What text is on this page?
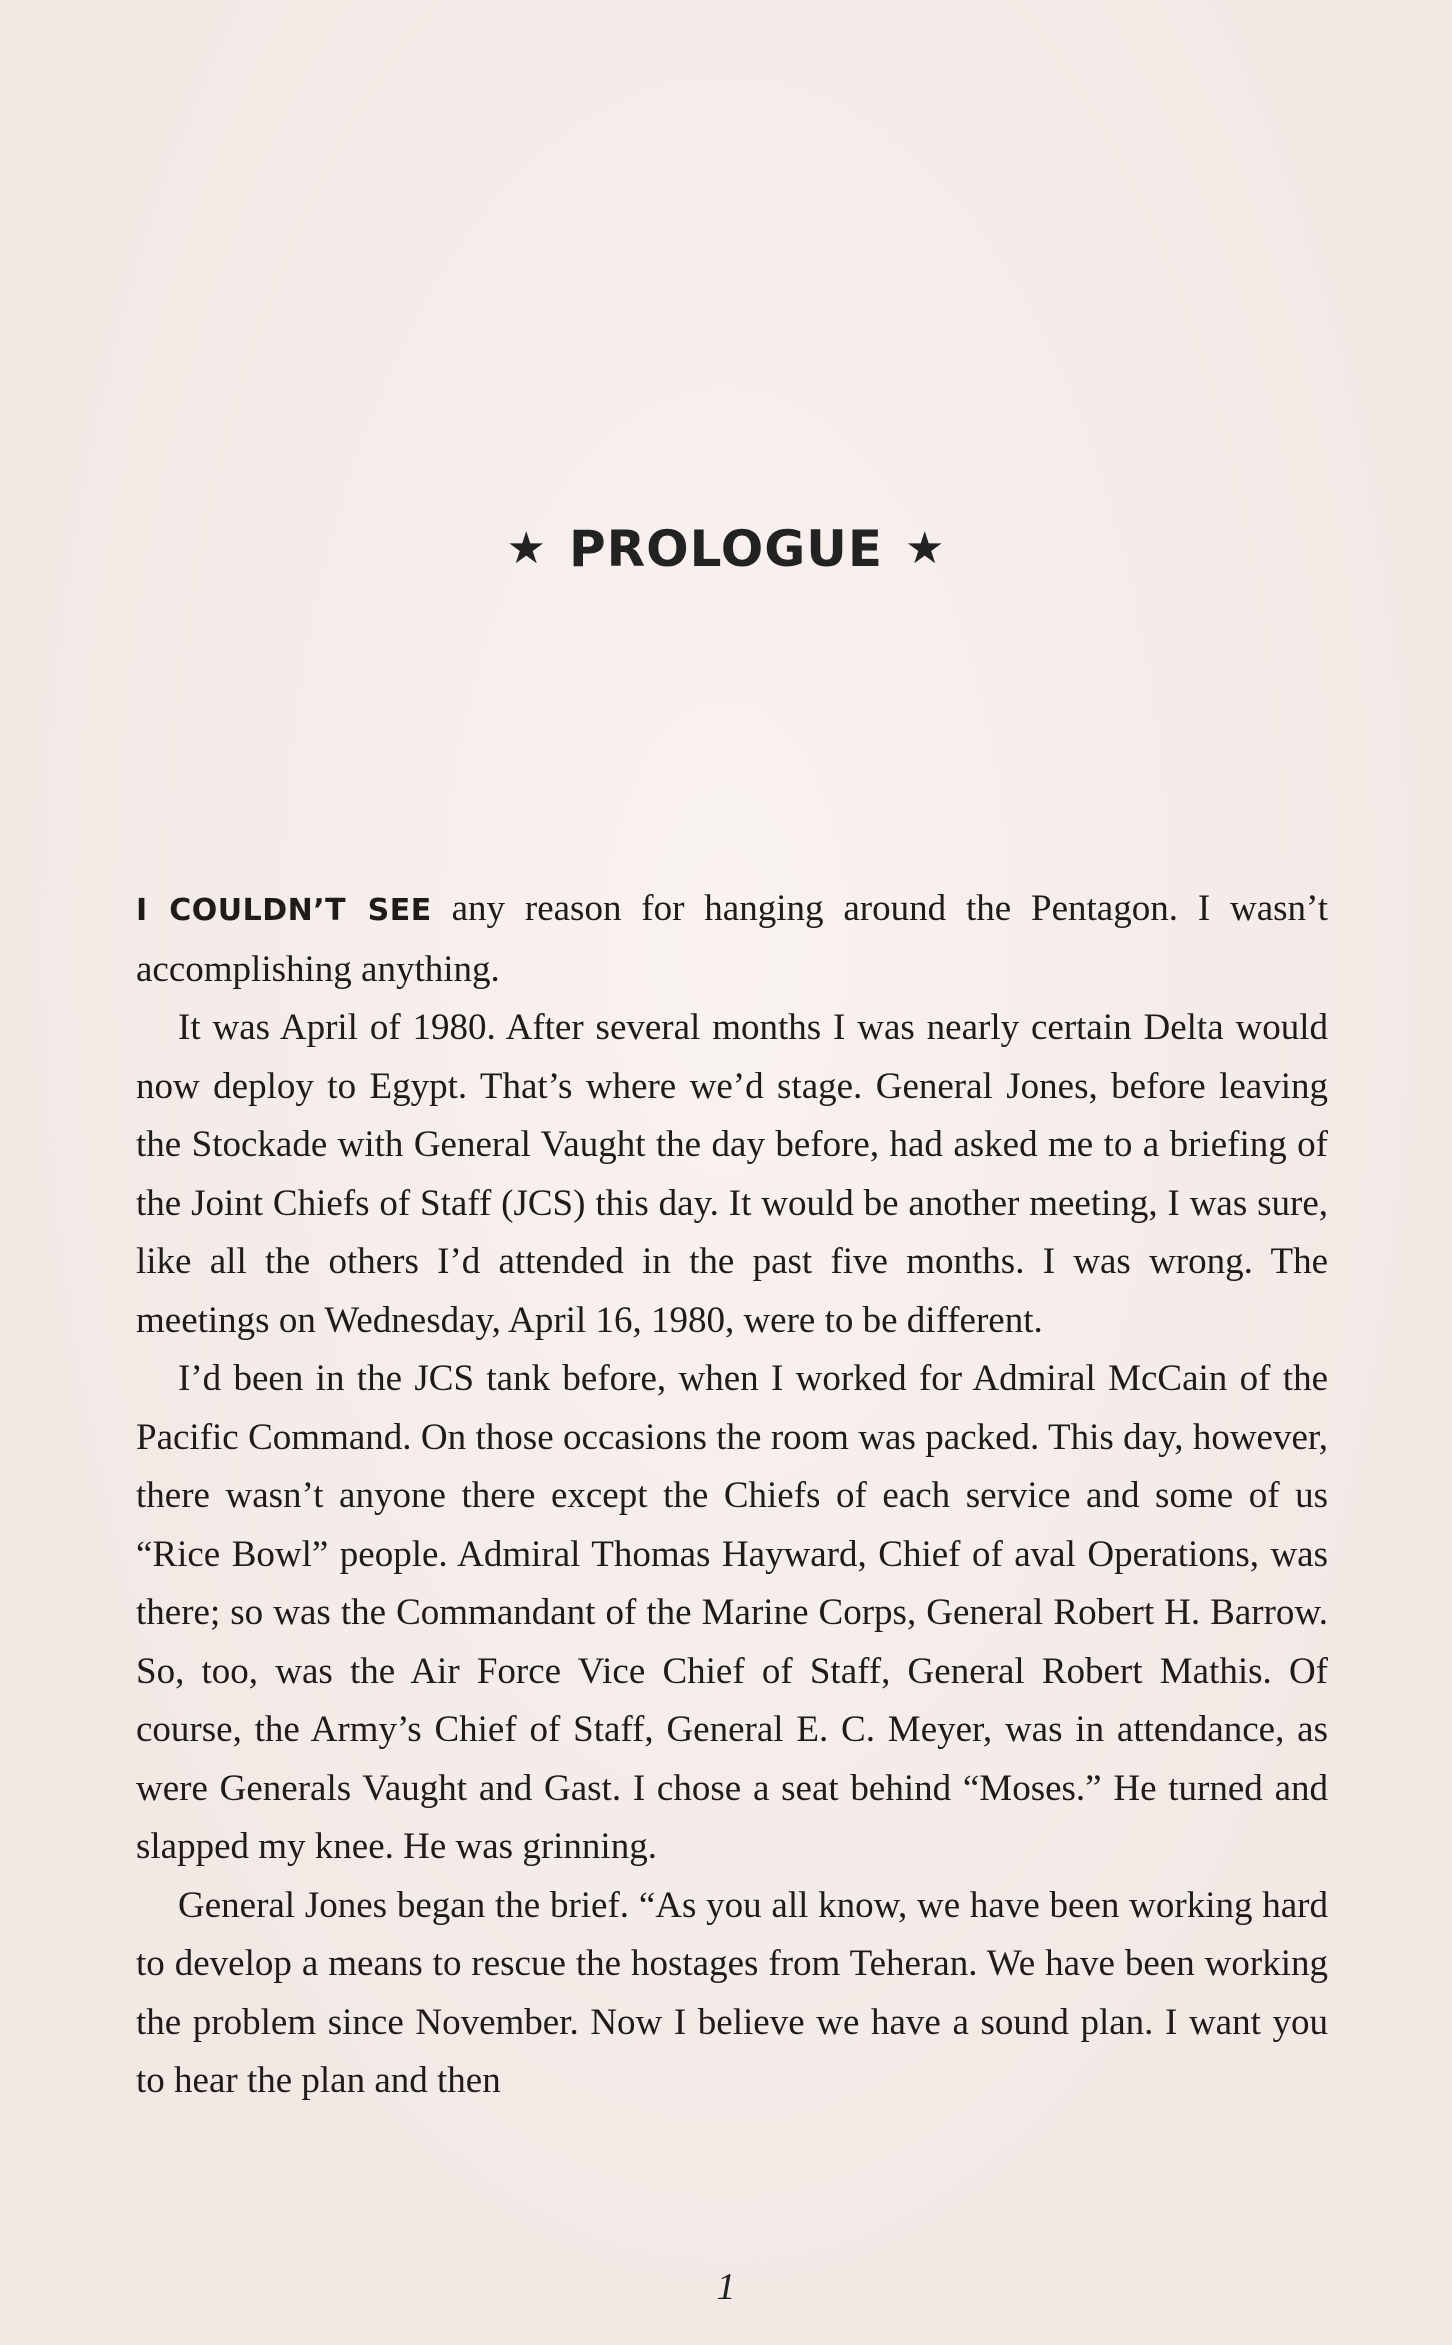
★ PROLOGUE ★

I COULDN’T SEE any reason for hanging around the Pentagon. I wasn’t accomplishing anything.

It was April of 1980. After several months I was nearly certain Delta would now deploy to Egypt. That’s where we’d stage. General Jones, before leaving the Stockade with General Vaught the day before, had asked me to a briefing of the Joint Chiefs of Staff (JCS) this day. It would be another meeting, I was sure, like all the others I’d attended in the past five months. I was wrong. The meetings on Wednesday, April 16, 1980, were to be different.

I’d been in the JCS tank before, when I worked for Admiral McCain of the Pacific Command. On those occasions the room was packed. This day, however, there wasn’t anyone there except the Chiefs of each service and some of us “Rice Bowl” people. Admiral Thomas Hayward, Chief of aval Operations, was there; so was the Commandant of the Marine Corps, General Robert H. Barrow. So, too, was the Air Force Vice Chief of Staff, General Robert Mathis. Of course, the Army’s Chief of Staff, General E. C. Meyer, was in attendance, as were Generals Vaught and Gast. I chose a seat behind “Moses.” He turned and slapped my knee. He was grinning.

General Jones began the brief. “As you all know, we have been working hard to develop a means to rescue the hostages from Teheran. We have been working the problem since November. Now I believe we have a sound plan. I want you to hear the plan and then

1
